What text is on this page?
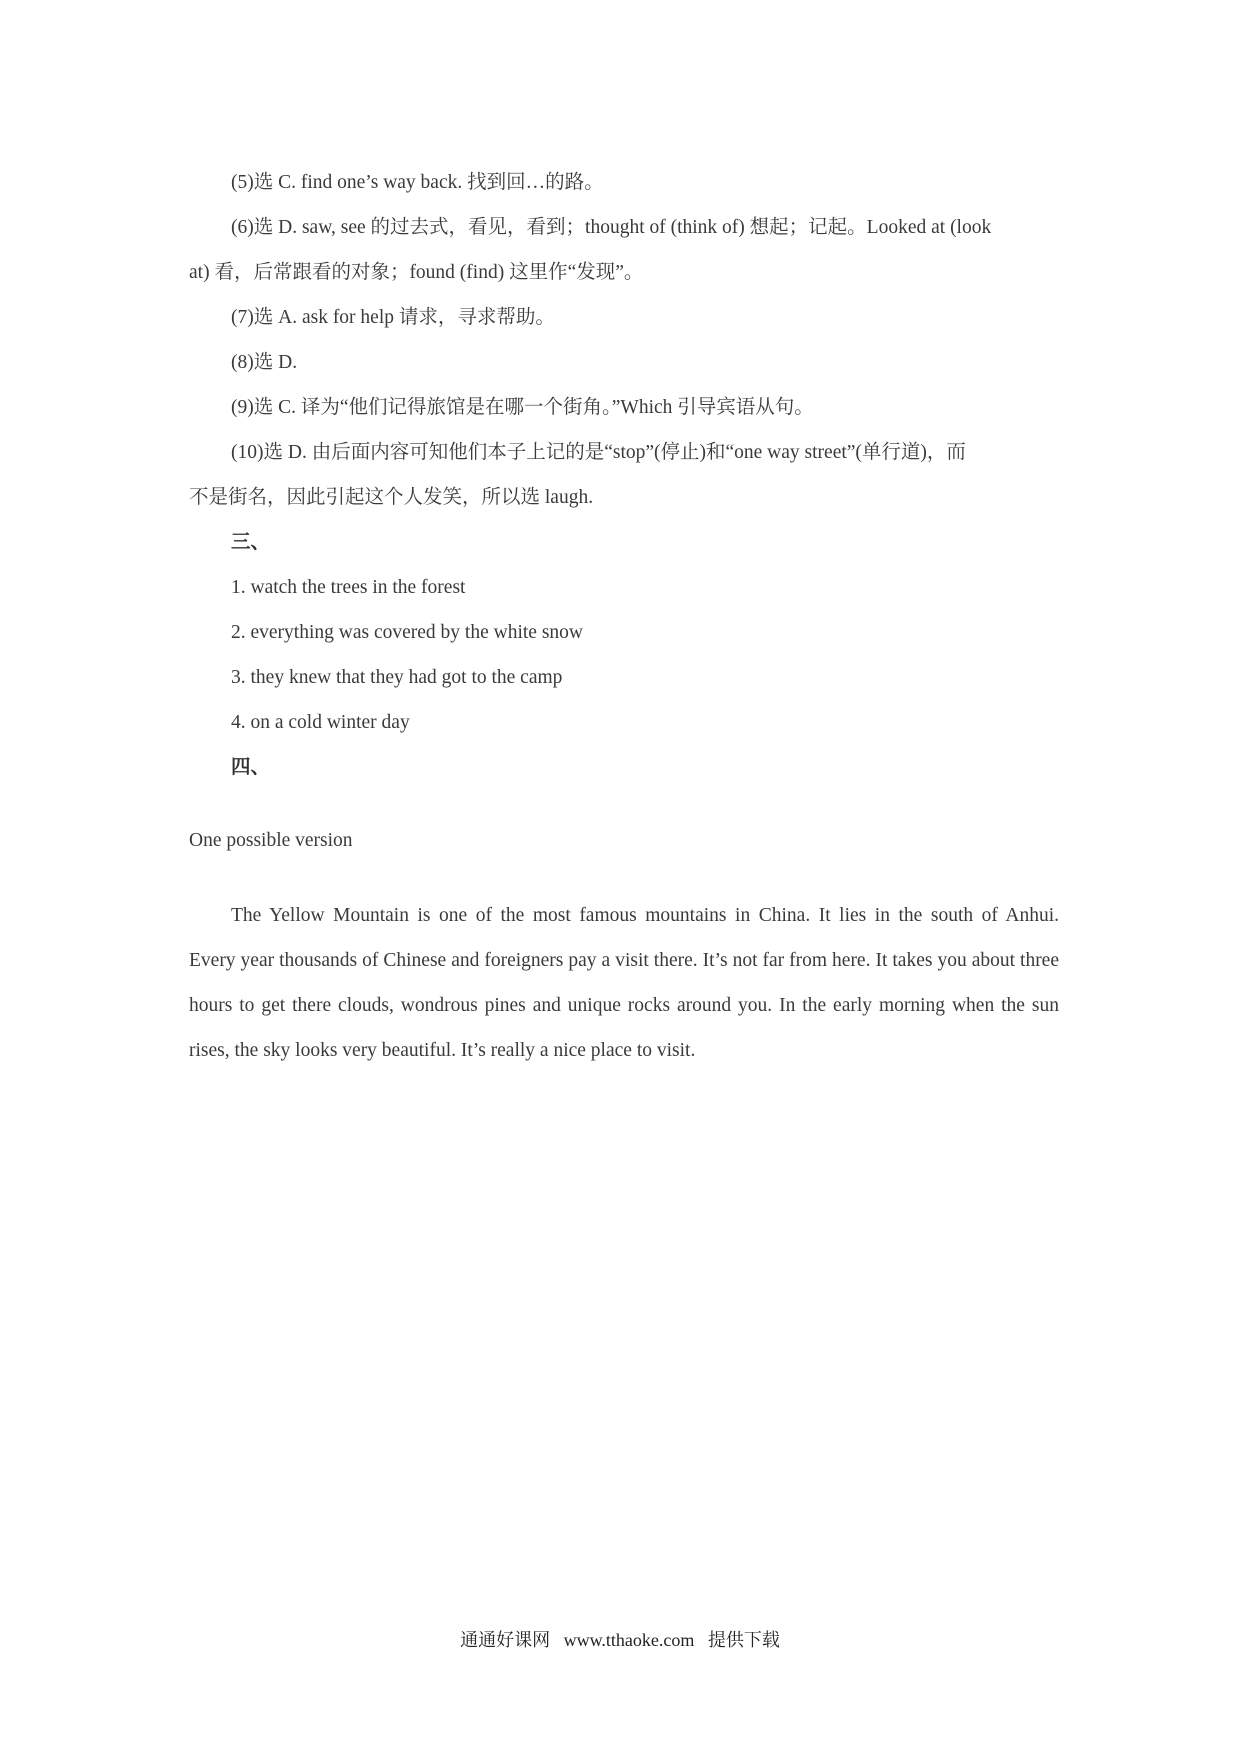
(5)选 C. find one’s way back. 找到回…的路。

(6)选 D. saw, see 的过去式，看见，看到；thought of (think of) 想起；记起。Looked at (look

at) 看，后常跟看的对象；found (find) 这里作“发现”。

(7)选 A. ask for help 请求，寻求帮助。

(8)选 D.

(9)选 C. 译为“他们记得旅馆是在哪一个街角。”Which 引导宾语从句。

(10)选 D. 由后面内容可知他们本子上记的是“stop”(停止)和“one way street”(单行道)，而

不是街名，因此引起这个人发笑，所以选 laugh.

三、

1. watch the trees in the forest

2. everything was covered by the white snow

3. they knew that they had got to the camp

4. on a cold winter day

四、

One possible version

The Yellow Mountain is one of the most famous mountains in China. It lies in the south of Anhui.      Every year thousands of Chinese and foreigners pay a visit there. It’s not far from here. It takes you about three hours to get there clouds, wondrous pines and unique rocks around you. In the early morning when the sun rises, the sky looks very beautiful. It’s really a nice place to visit.

通通好课网   www.tthaoke.com   提供下载
